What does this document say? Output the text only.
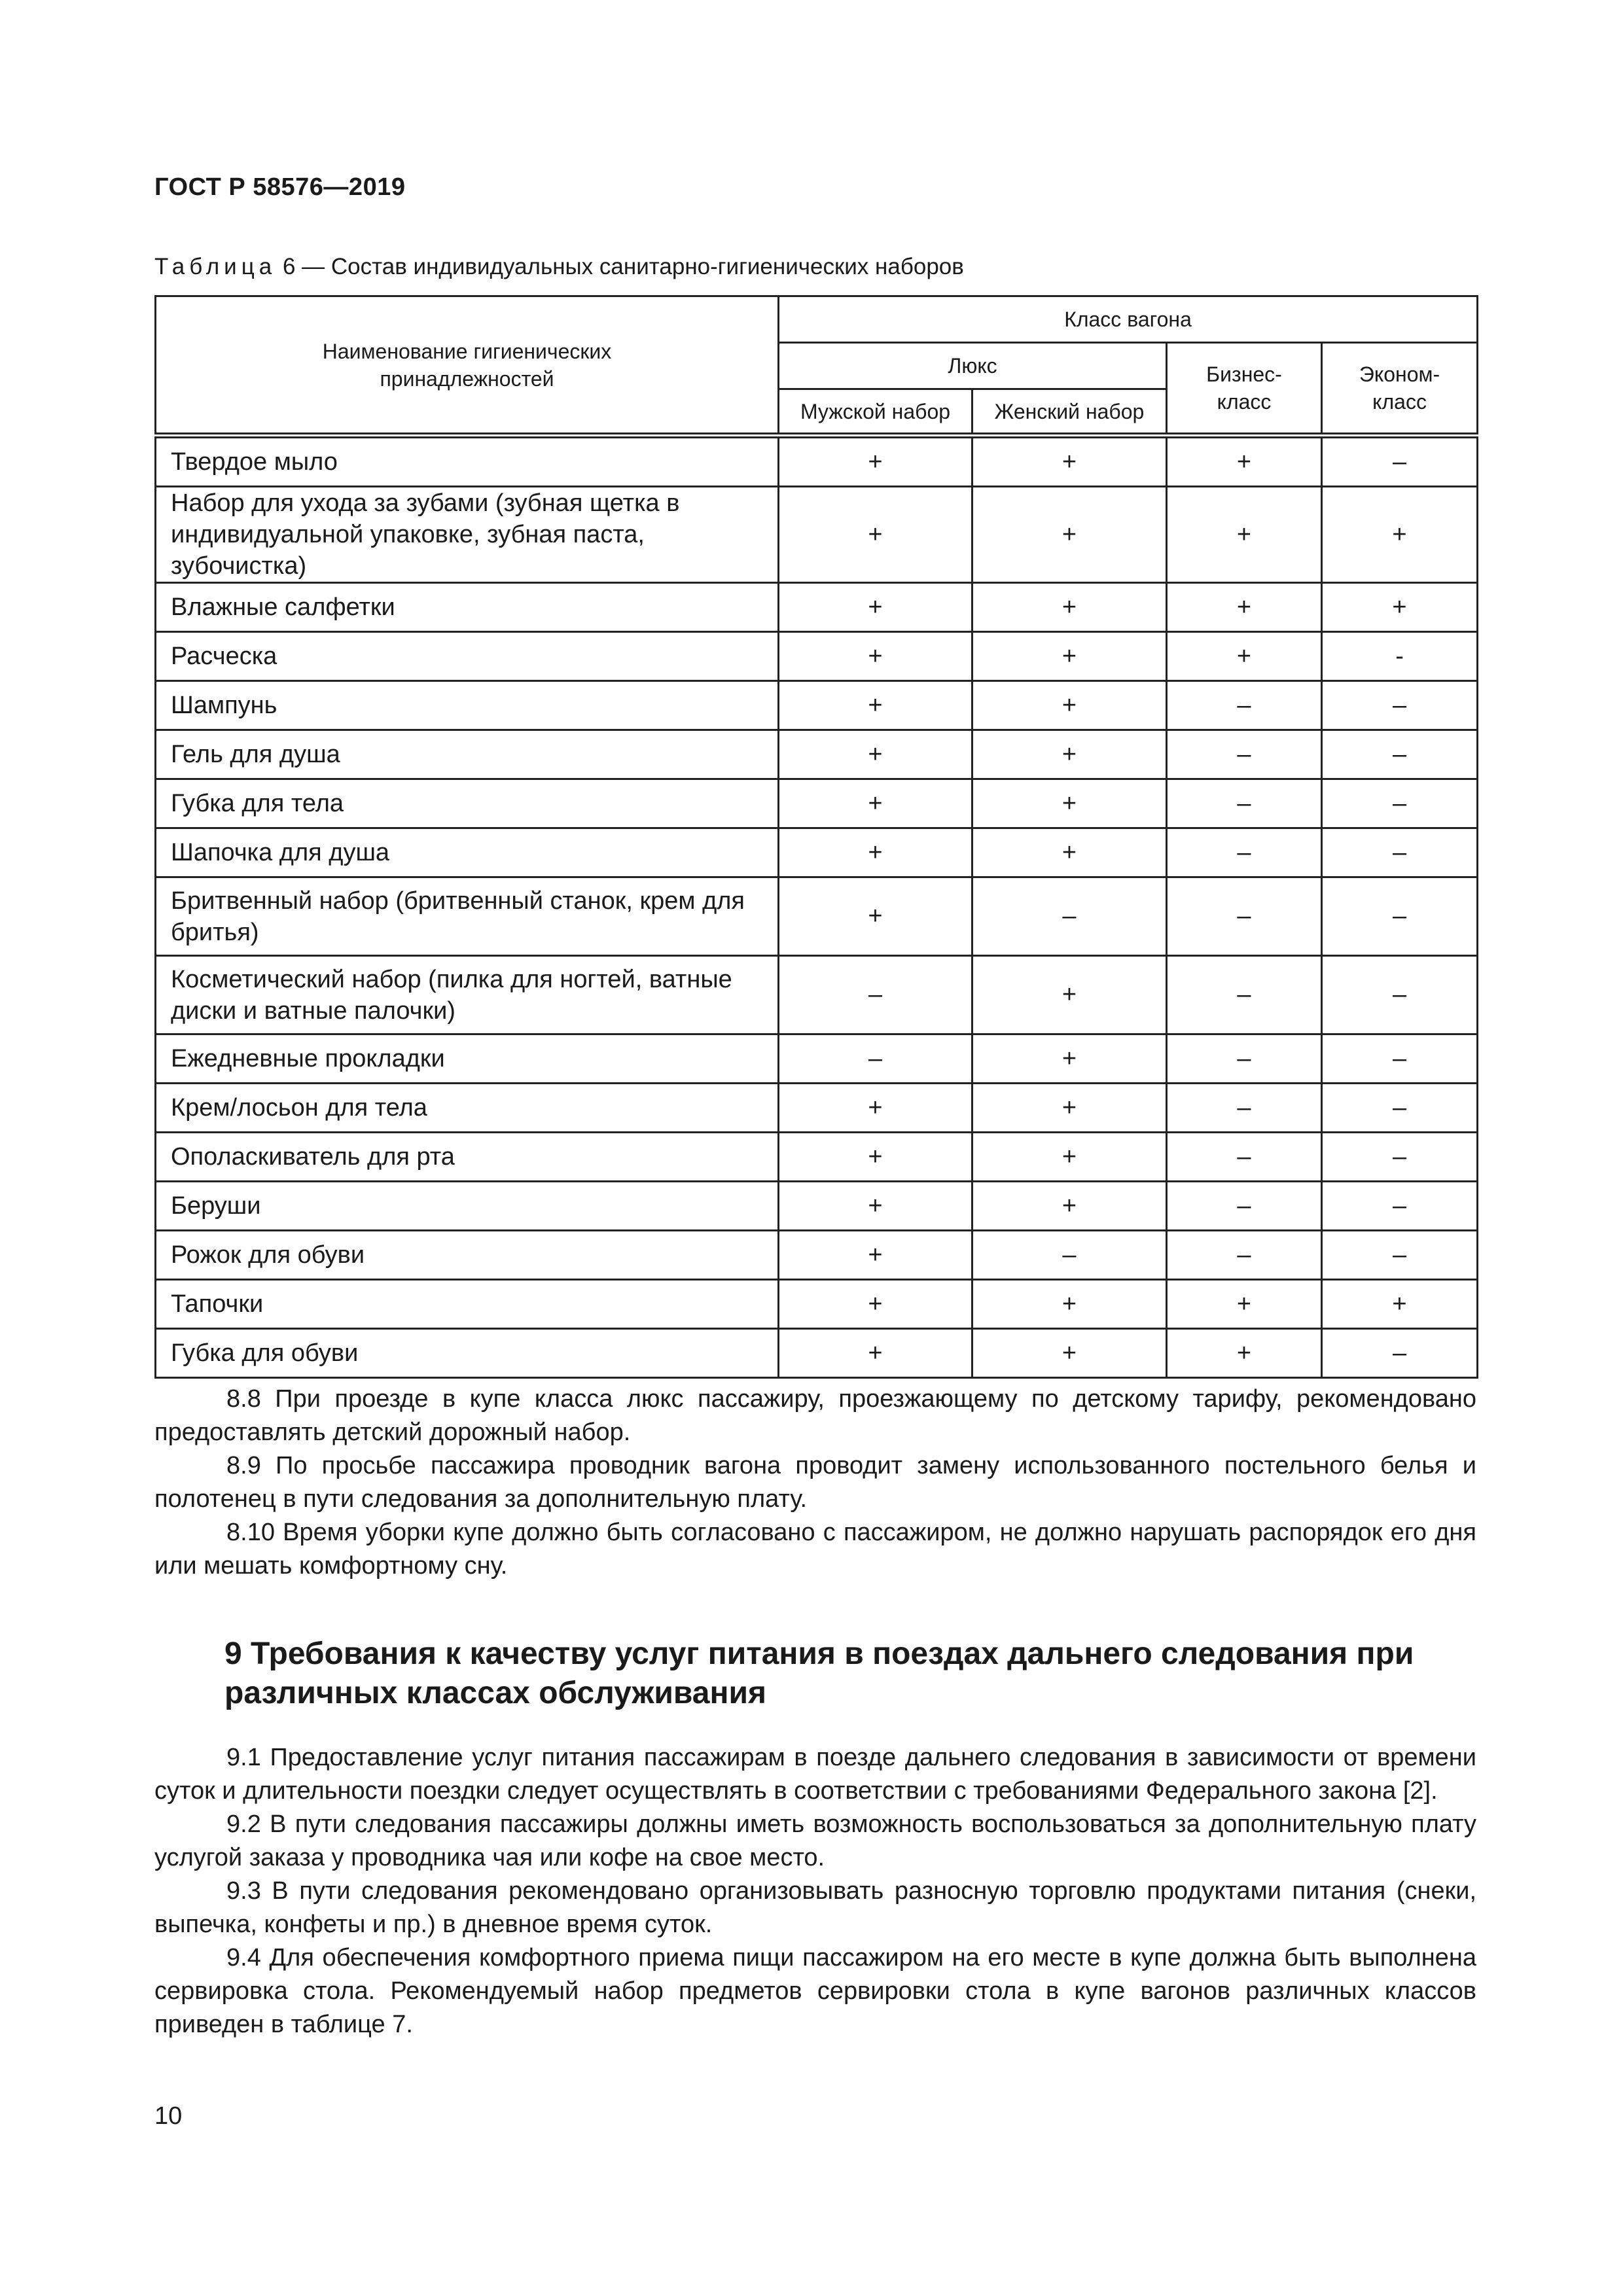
ГОСТ Р 58576—2019
Таблица 6 — Состав индивидуальных санитарно-гигиенических наборов
Наименование гигиенических принадлежностей	Класс вагона			
	Люкс		Бизнес-класс	Эконом-класс
	Мужской набор	Женский набор		
Твердое мыло	+	+	+	–
Набор для ухода за зубами (зубная щетка в индивидуальной упаковке, зубная паста, зубочистка)	+	+	+	+
Влажные салфетки	+	+	+	+
Расческа	+	+	+	-
Шампунь	+	+	–	–
Гель для душа	+	+	–	–
Губка для тела	+	+	–	–
Шапочка для душа	+	+	–	–
Бритвенный набор (бритвенный станок, крем для бритья)	+	–	–	–
Косметический набор (пилка для ногтей, ватные диски и ватные палочки)	–	+	–	–
Ежедневные прокладки	–	+	–	–
Крем/лосьон для тела	+	+	–	–
Ополаскиватель для рта	+	+	–	–
Беруши	+	+	–	–
Рожок для обуви	+	–	–	–
Тапочки	+	+	+	+
Губка для обуви	+	+	+	–

8.8 При проезде в купе класса люкс пассажиру, проезжающему по детскому тарифу, рекомендовано предоставлять детский дорожный набор.

8.9 По просьбе пассажира проводник вагона проводит замену использованного постельного белья и полотенец в пути следования за дополнительную плату.

8.10 Время уборки купе должно быть согласовано с пассажиром, не должно нарушать распорядок его дня или мешать комфортному сну.

9 Требования к качеству услуг питания в поездах дальнего следования при различных классах обслуживания

9.1 Предоставление услуг питания пассажирам в поезде дальнего следования в зависимости от времени суток и длительности поездки следует осуществлять в соответствии с требованиями Федерального закона [2].

9.2 В пути следования пассажиры должны иметь возможность воспользоваться за дополнительную плату услугой заказа у проводника чая или кофе на свое место.

9.3 В пути следования рекомендовано организовывать разносную торговлю продуктами питания (снеки, выпечка, конфеты и пр.) в дневное время суток.

9.4 Для обеспечения комфортного приема пищи пассажиром на его месте в купе должна быть выполнена сервировка стола. Рекомендуемый набор предметов сервировки стола в купе вагонов различных классов приведен в таблице 7.

10
